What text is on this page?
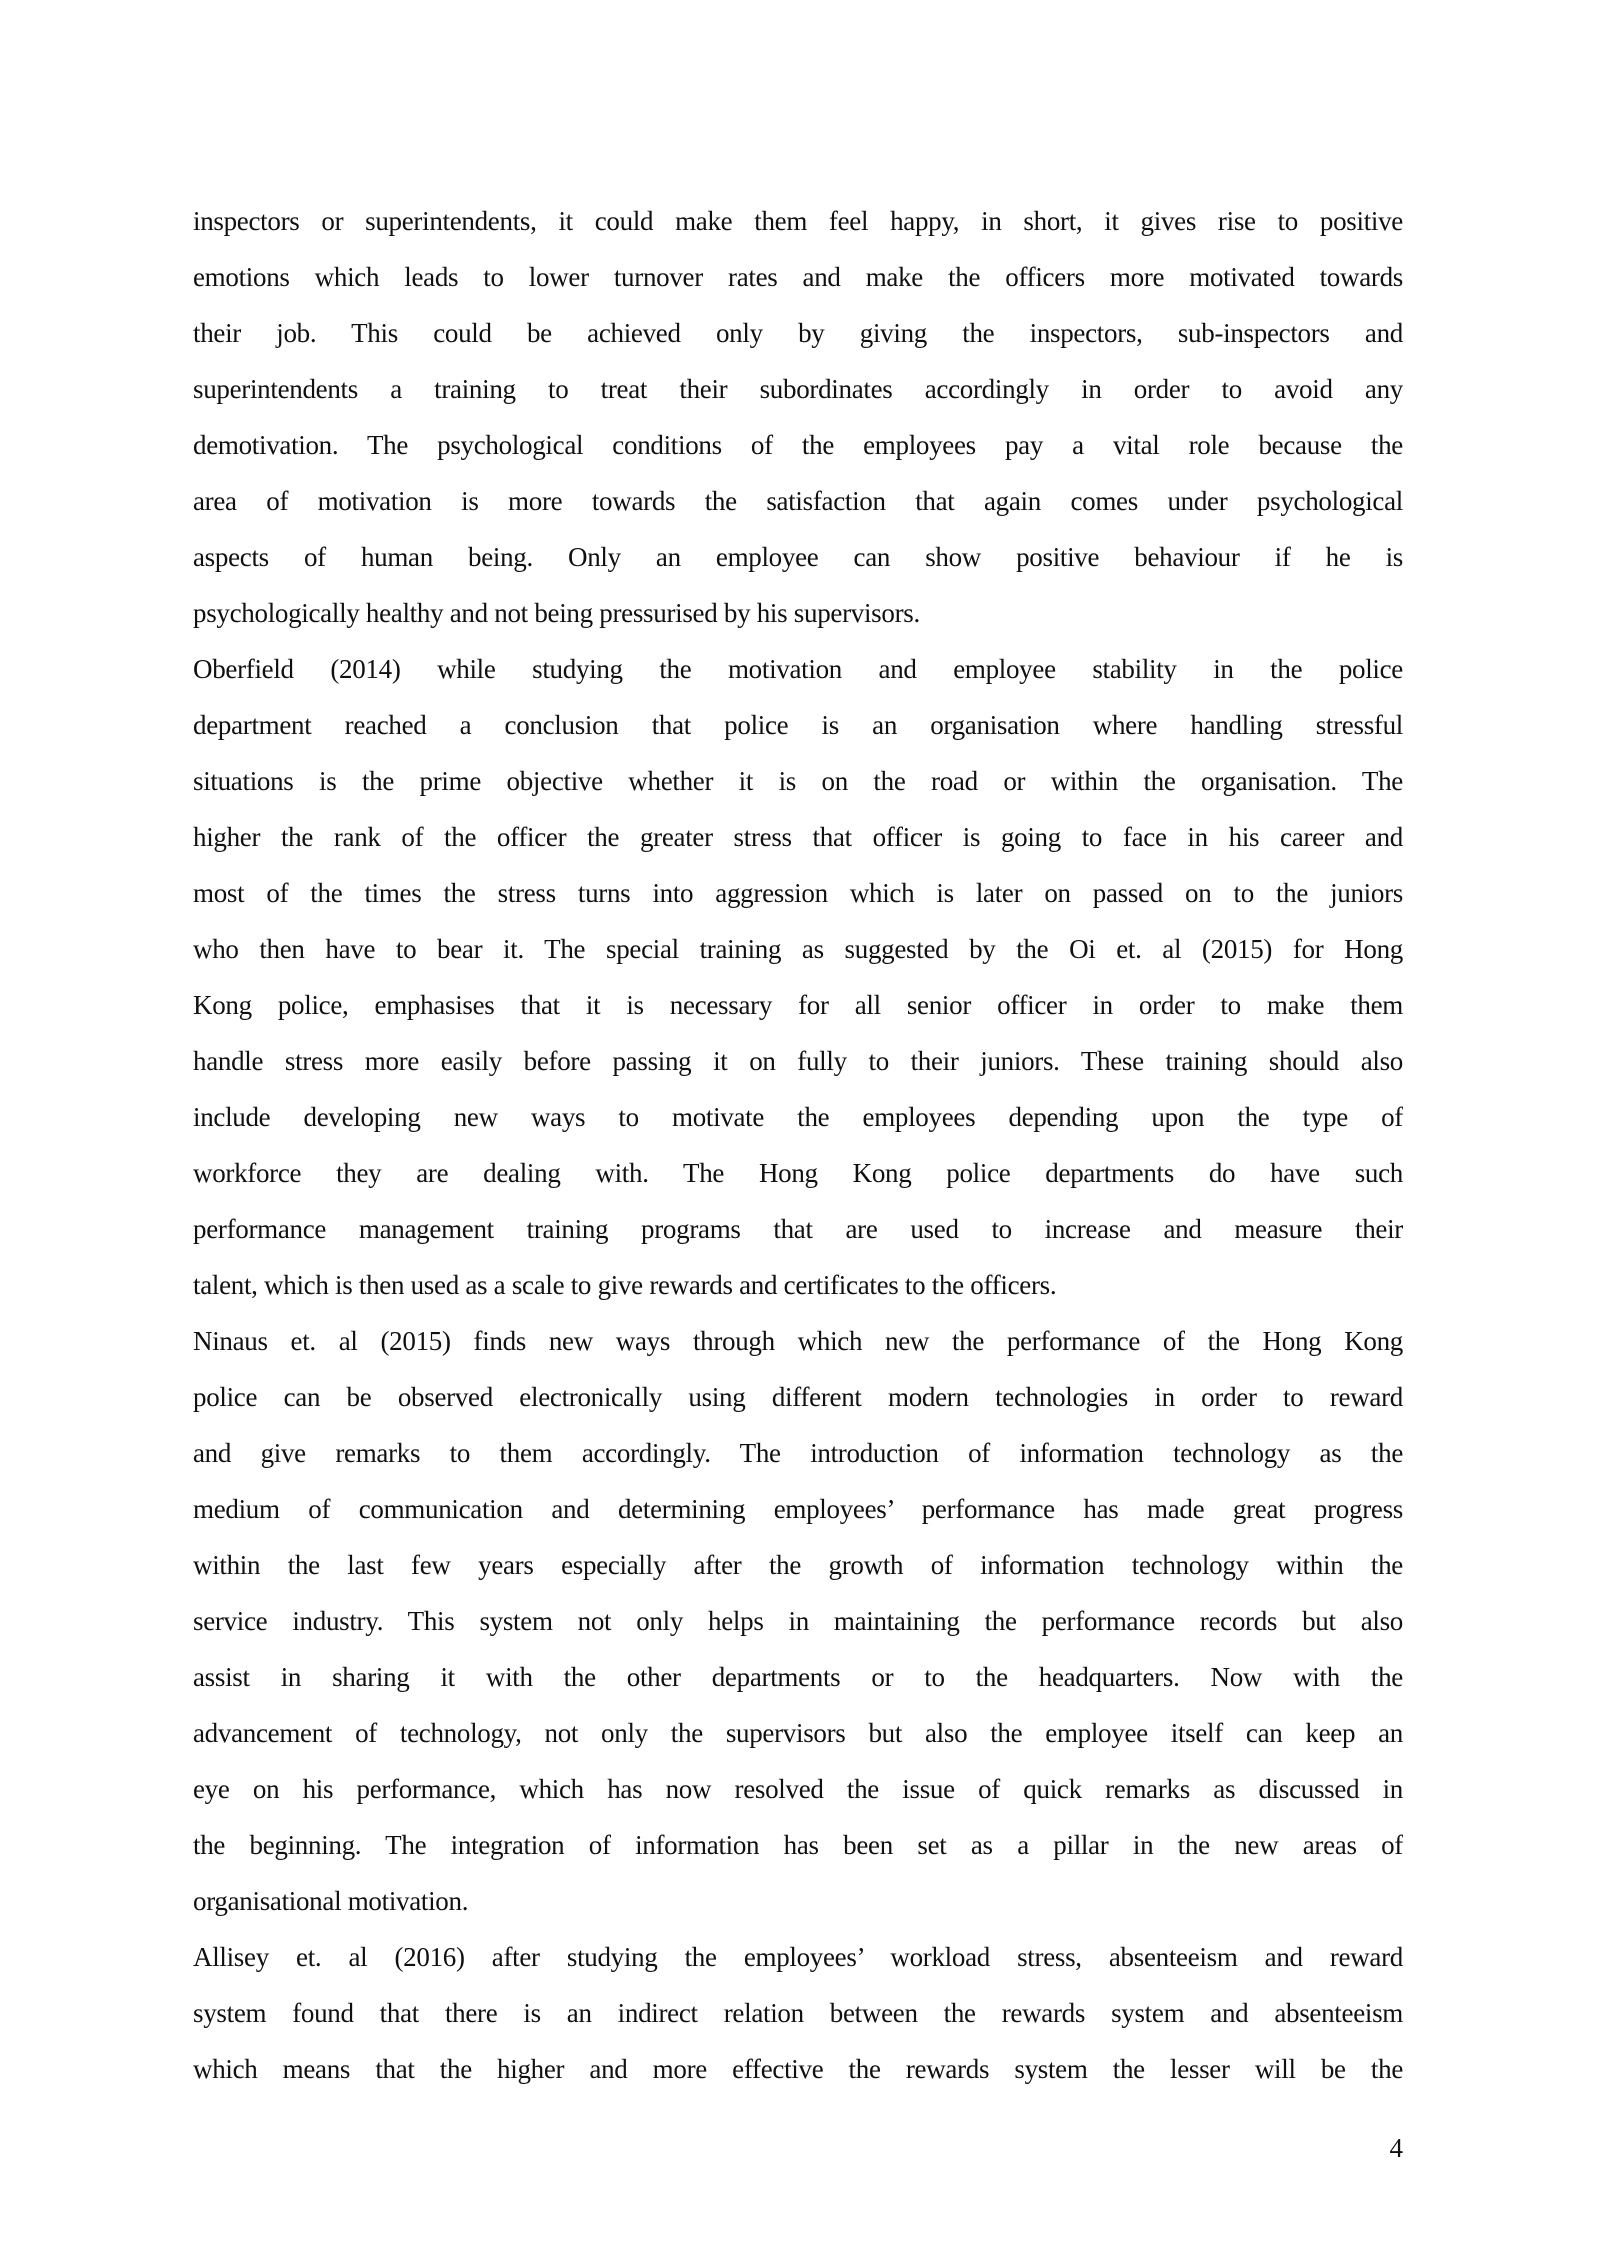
inspectors or superintendents, it could make them feel happy, in short, it gives rise to positive
emotions which leads to lower turnover rates and make the officers more motivated towards
their job. This could be achieved only by giving the inspectors, sub-inspectors and
superintendents a training to treat their subordinates accordingly in order to avoid any
demotivation. The psychological conditions of the employees pay a vital role because the
area of motivation is more towards the satisfaction that again comes under psychological
aspects of human being. Only an employee can show positive behaviour if he is
psychologically healthy and not being pressurised by his supervisors.
Oberfield (2014) while studying the motivation and employee stability in the police
department reached a conclusion that police is an organisation where handling stressful
situations is the prime objective whether it is on the road or within the organisation. The
higher the rank of the officer the greater stress that officer is going to face in his career and
most of the times the stress turns into aggression which is later on passed on to the juniors
who then have to bear it. The special training as suggested by the Oi et. al (2015) for Hong
Kong police, emphasises that it is necessary for all senior officer in order to make them
handle stress more easily before passing it on fully to their juniors. These training should also
include developing new ways to motivate the employees depending upon the type of
workforce they are dealing with. The Hong Kong police departments do have such
performance management training programs that are used to increase and measure their
talent, which is then used as a scale to give rewards and certificates to the officers.
Ninaus et. al (2015) finds new ways through which new the performance of the Hong Kong
police can be observed electronically using different modern technologies in order to reward
and give remarks to them accordingly. The introduction of information technology as the
medium of communication and determining employees’ performance has made great progress
within the last few years especially after the growth of information technology within the
service industry. This system not only helps in maintaining the performance records but also
assist in sharing it with the other departments or to the headquarters. Now with the
advancement of technology, not only the supervisors but also the employee itself can keep an
eye on his performance, which has now resolved the issue of quick remarks as discussed in
the beginning. The integration of information has been set as a pillar in the new areas of
organisational motivation.
Allisey et. al (2016) after studying the employees’ workload stress, absenteeism and reward
system found that there is an indirect relation between the rewards system and absenteeism
which means that the higher and more effective the rewards system the lesser will be the
4
